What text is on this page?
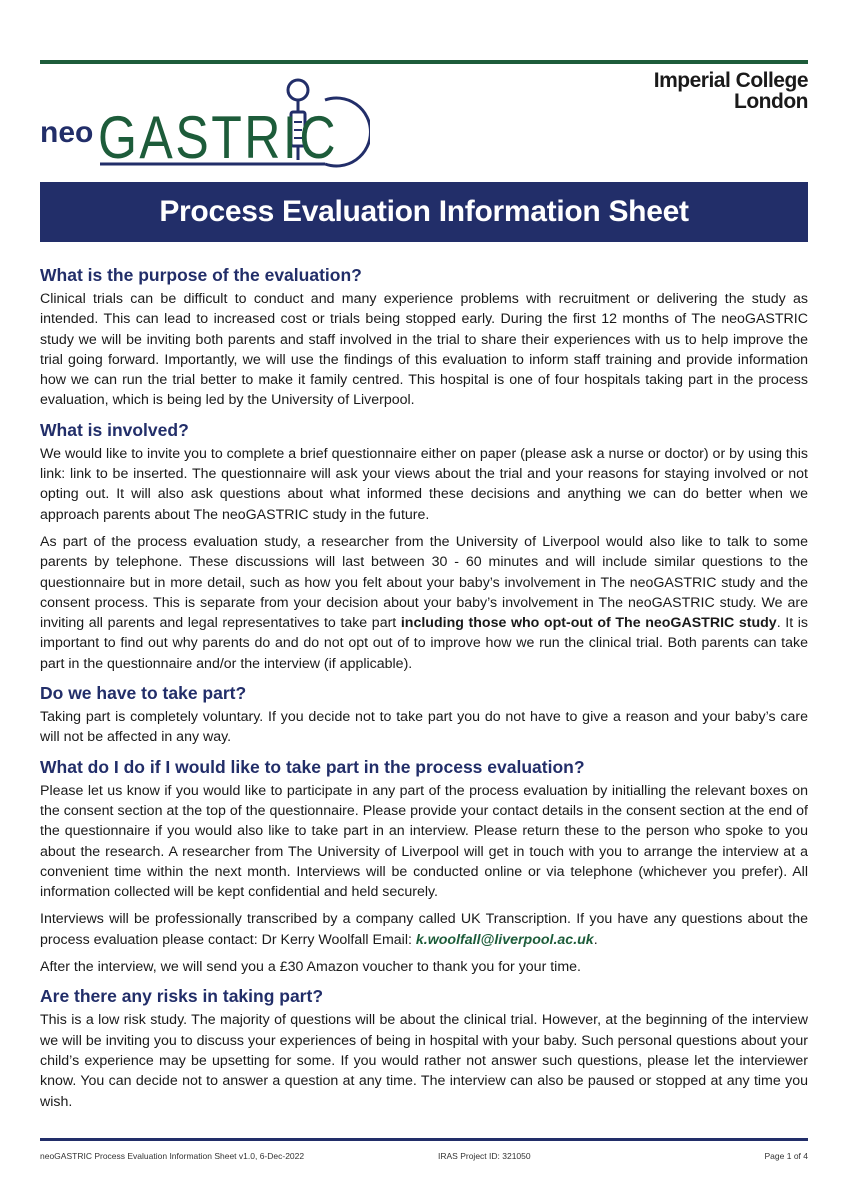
neo GASTRIC
Imperial College
London
Process Evaluation Information Sheet
What is the purpose of the evaluation?

Clinical trials can be difficult to conduct and many experience problems with recruitment or delivering the study as intended. This can lead to increased cost or trials being stopped early. During the first 12 months of The neoGASTRIC study we will be inviting both parents and staff involved in the trial to share their experiences with us to help improve the trial going forward. Importantly, we will use the findings of this evaluation to inform staff training and provide information how we can run the trial better to make it family centred. This hospital is one of four hospitals taking part in the process evaluation, which is being led by the University of Liverpool.

What is involved?

We would like to invite you to complete a brief questionnaire either on paper (please ask a nurse or doctor) or by using this link: link to be inserted. The questionnaire will ask your views about the trial and your reasons for staying involved or not opting out. It will also ask questions about what informed these decisions and anything we can do better when we approach parents about The neoGASTRIC study in the future.

As part of the process evaluation study, a researcher from the University of Liverpool would also like to talk to some parents by telephone. These discussions will last between 30 - 60 minutes and will include similar questions to the questionnaire but in more detail, such as how you felt about your baby’s involvement in The neoGASTRIC study and the consent process. This is separate from your decision about your baby’s involvement in The neoGASTRIC study. We are inviting all parents and legal representatives to take part including those who opt-out of The neoGASTRIC study. It is important to find out why parents do and do not opt out of to improve how we run the clinical trial. Both parents can take part in the questionnaire and/or the interview (if applicable).

Do we have to take part?

Taking part is completely voluntary. If you decide not to take part you do not have to give a reason and your baby’s care will not be affected in any way.

What do I do if I would like to take part in the process evaluation?

Please let us know if you would like to participate in any part of the process evaluation by initialling the relevant boxes on the consent section at the top of the questionnaire. Please provide your contact details in the consent section at the end of the questionnaire if you would also like to take part in an interview. Please return these to the person who spoke to you about the research. A researcher from The University of Liverpool will get in touch with you to arrange the interview at a convenient time within the next month. Interviews will be conducted online or via telephone (whichever you prefer). All information collected will be kept confidential and held securely.

Interviews will be professionally transcribed by a company called UK Transcription. If you have any questions about the process evaluation please contact: Dr Kerry Woolfall Email: k.woolfall@liverpool.ac.uk.

After the interview, we will send you a £30 Amazon voucher to thank you for your time.

Are there any risks in taking part?

This is a low risk study. The majority of questions will be about the clinical trial. However, at the beginning of the interview we will be inviting you to discuss your experiences of being in hospital with your baby. Such personal questions about your child’s experience may be upsetting for some. If you would rather not answer such questions, please let the interviewer know. You can decide not to answer a question at any time. The interview can also be paused or stopped at any time you wish.

neoGASTRIC Process Evaluation Information Sheet v1.0, 6-Dec-2022	IRAS Project ID: 321050	Page 1 of 4
